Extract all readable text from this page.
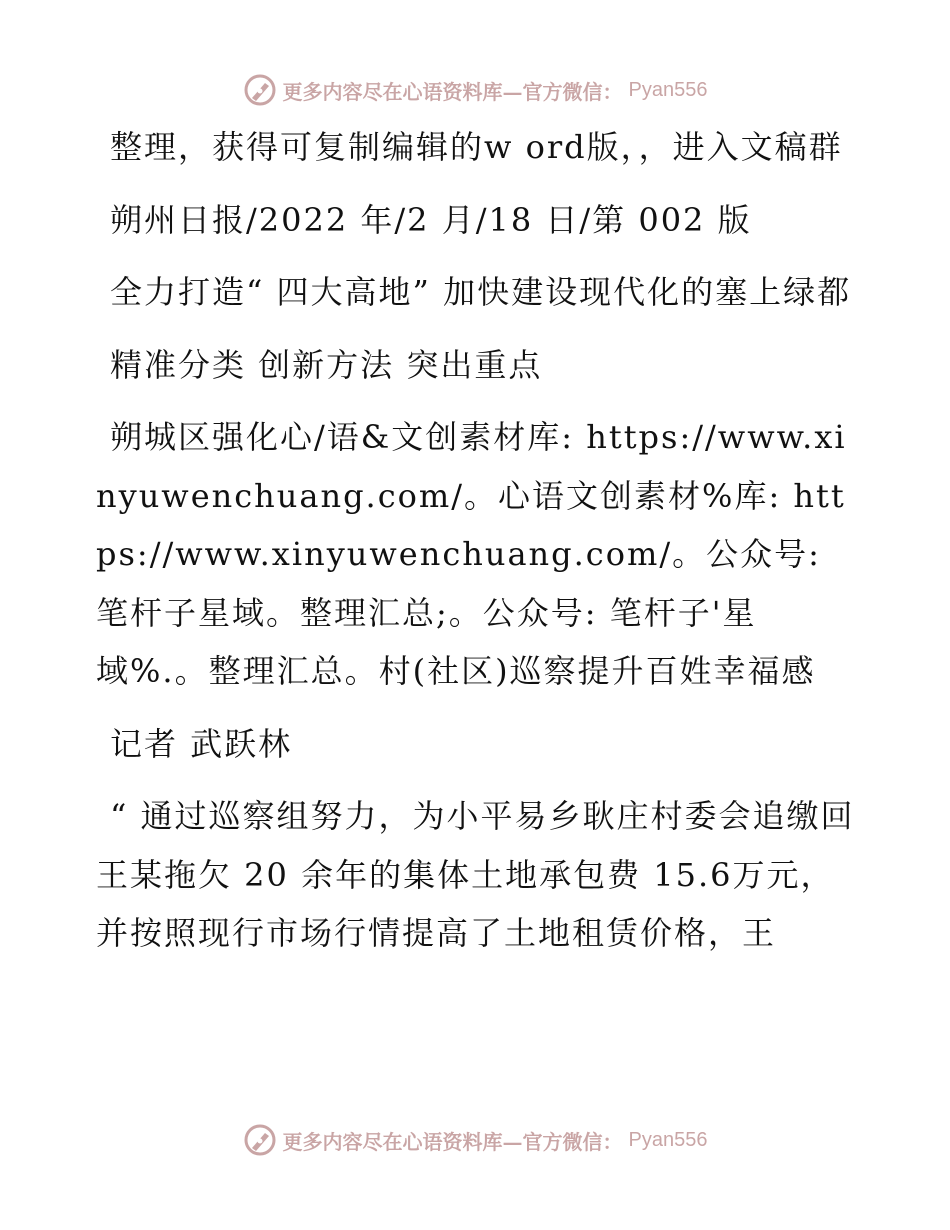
更多内容尽在心语资料库—官方微信： Pyan556

整理，获得可复制编辑的w ord版，，进入文稿群

朔州日报/2022 年/2 月/18 日/第 002 版

全力打造“ 四大高地” 加快建设现代化的塞上绿都

精准分类 创新方法 突出重点

朔城区强化心/语&文创素材库: https://www.xinyuwenchuang.com/。心语文创素材%库: https://www.xinyuwenchuang.com/。公众号: 笔杆子星域。整理汇总;。公众号: 笔杆子'星域%.。整理汇总。村(社区)巡察提升百姓幸福感

记者 武跃林

“ 通过巡察组努力，为小平易乡耿庄村委会追缴回王某拖欠 20 余年的集体土地承包费 15.6万元，并按照现行市场行情提高了土地租赁价格，王

更多内容尽在心语资料库—官方微信： Pyan556
